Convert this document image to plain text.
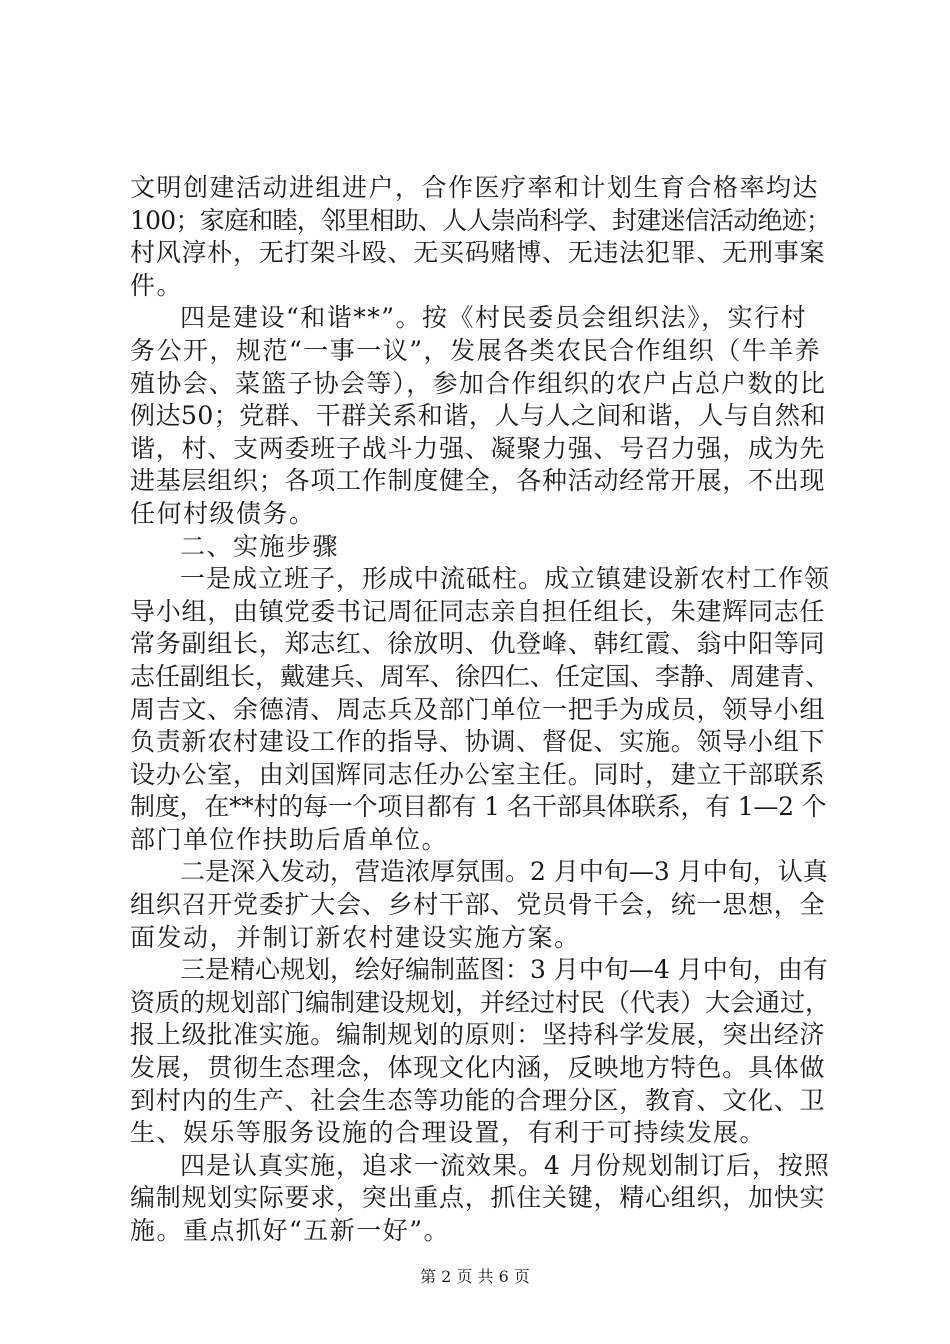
文明创建活动进组进户，合作医疗率和计划生育合格率均达
100；家庭和睦，邻里相助、人人崇尚科学、封建迷信活动绝迹；
村风淳朴，无打架斗殴、无买码赌博、无违法犯罪、无刑事案
件。
四是建设“和谐**”。按《村民委员会组织法》，实行村
务公开，规范“一事一议”，发展各类农民合作组织（牛羊养
殖协会、菜篮子协会等），参加合作组织的农户占总户数的比
例达50；党群、干群关系和谐，人与人之间和谐，人与自然和
谐，村、支两委班子战斗力强、凝聚力强、号召力强，成为先
进基层组织；各项工作制度健全，各种活动经常开展，不出现
任何村级债务。
二、实施步骤
一是成立班子，形成中流砥柱。成立镇建设新农村工作领
导小组，由镇党委书记周征同志亲自担任组长，朱建辉同志任
常务副组长，郑志红、徐放明、仇登峰、韩红霞、翁中阳等同
志任副组长，戴建兵、周军、徐四仁、任定国、李静、周建青、
周吉文、余德清、周志兵及部门单位一把手为成员，领导小组
负责新农村建设工作的指导、协调、督促、实施。领导小组下
设办公室，由刘国辉同志任办公室主任。同时，建立干部联系
制度，在**村的每一个项目都有 1 名干部具体联系，有 1—2 个
部门单位作扶助后盾单位。
二是深入发动，营造浓厚氛围。2 月中旬—3 月中旬，认真
组织召开党委扩大会、乡村干部、党员骨干会，统一思想，全
面发动，并制订新农村建设实施方案。
三是精心规划，绘好编制蓝图：3 月中旬—4 月中旬，由有
资质的规划部门编制建设规划，并经过村民（代表）大会通过，
报上级批准实施。编制规划的原则：坚持科学发展，突出经济
发展，贯彻生态理念，体现文化内涵，反映地方特色。具体做
到村内的生产、社会生态等功能的合理分区，教育、文化、卫
生、娱乐等服务设施的合理设置，有利于可持续发展。
四是认真实施，追求一流效果。4 月份规划制订后，按照
编制规划实际要求，突出重点，抓住关键，精心组织，加快实
施。重点抓好“五新一好”。
第 2 页 共 6 页
